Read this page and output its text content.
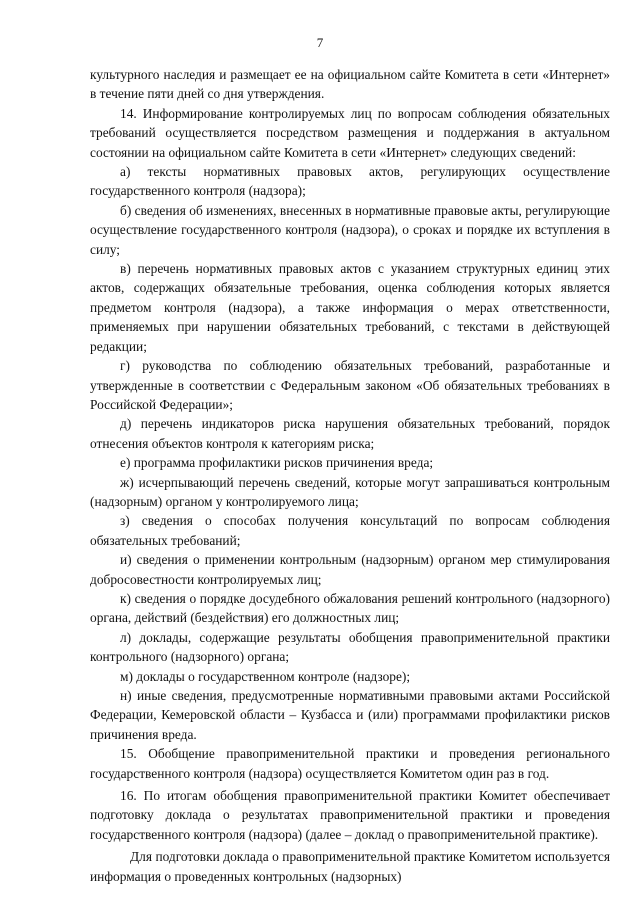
7

культурного наследия и размещает ее на официальном сайте Комитета в сети «Интернет» в течение пяти дней со дня утверждения.

14. Информирование контролируемых лиц по вопросам соблюдения обязательных требований осуществляется посредством размещения и поддержания в актуальном состоянии на официальном сайте Комитета в сети «Интернет» следующих сведений:

а) тексты нормативных правовых актов, регулирующих осуществление государственного контроля (надзора);

б) сведения об изменениях, внесенных в нормативные правовые акты, регулирующие осуществление государственного контроля (надзора), о сроках и порядке их вступления в силу;

в) перечень нормативных правовых актов с указанием структурных единиц этих актов, содержащих обязательные требования, оценка соблюдения которых является предметом контроля (надзора), а также информация о мерах ответственности, применяемых при нарушении обязательных требований, с текстами в действующей редакции;

г) руководства по соблюдению обязательных требований, разработанные и утвержденные в соответствии с Федеральным законом «Об обязательных требованиях в Российской Федерации»;

д) перечень индикаторов риска нарушения обязательных требований, порядок отнесения объектов контроля к категориям риска;

е) программа профилактики рисков причинения вреда;

ж) исчерпывающий перечень сведений, которые могут запрашиваться контрольным (надзорным) органом у контролируемого лица;

з) сведения о способах получения консультаций по вопросам соблюдения обязательных требований;

и) сведения о применении контрольным (надзорным) органом мер стимулирования добросовестности контролируемых лиц;

к) сведения о порядке досудебного обжалования решений контрольного (надзорного) органа, действий (бездействия) его должностных лиц;

л) доклады, содержащие результаты обобщения правоприменительной практики контрольного (надзорного) органа;

м) доклады о государственном контроле (надзоре);

н) иные сведения, предусмотренные нормативными правовыми актами Российской Федерации, Кемеровской области – Кузбасса и (или) программами профилактики рисков причинения вреда.

15. Обобщение правоприменительной практики и проведения регионального государственного контроля (надзора) осуществляется Комитетом один раз в год.

16. По итогам обобщения правоприменительной практики Комитет обеспечивает подготовку доклада о результатах правоприменительной практики и проведения государственного контроля (надзора) (далее – доклад о правоприменительной практике).

Для подготовки доклада о правоприменительной практике Комитетом используется информация о проведенных контрольных (надзорных)
